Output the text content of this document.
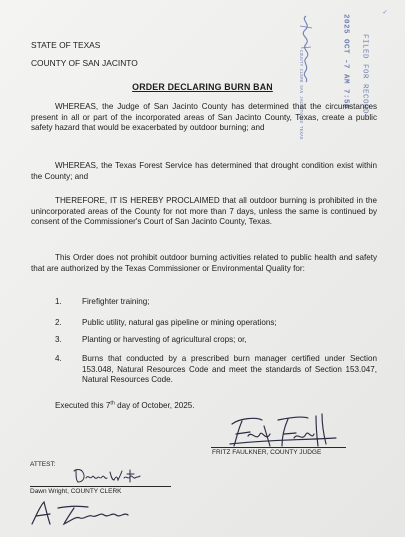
✓
FILED FOR RECORD
2025 OCT -7 AM 7:58
COUNTY CLERK SAN JACINTO CO TEXAS
STATE OF TEXAS
COUNTY OF SAN JACINTO
ORDER DECLARING BURN BAN

WHEREAS, the Judge of San Jacinto County has determined that the circumstances present in all or part of the incorporated areas of San Jacinto County, Texas, create a public safety hazard that would be exacerbated by outdoor burning; and

WHEREAS, the Texas Forest Service has determined that drought condition exist within the County; and

THEREFORE, IT IS HEREBY PROCLAIMED that all outdoor burning is prohibited in the unincorporated areas of the County for not more than 7 days, unless the same is continued by consent of the Commissioner's Court of San Jacinto County, Texas.

This Order does not prohibit outdoor burning activities related to public health and safety that are authorized by the Texas Commissioner or Environmental Quality for:

1. Firefighter training;
2. Public utility, natural gas pipeline or mining operations;
3. Planting or harvesting of agricultural crops; or,
4. Burns that conducted by a prescribed burn manager certified under Section 153.048, Natural Resources Code and meet the standards of Section 153.047, Natural Resources Code.
Executed this 7th day of October, 2025.
FRITZ FAULKNER, COUNTY JUDGE
ATTEST:
Dawn Wright, COUNTY CLERK
